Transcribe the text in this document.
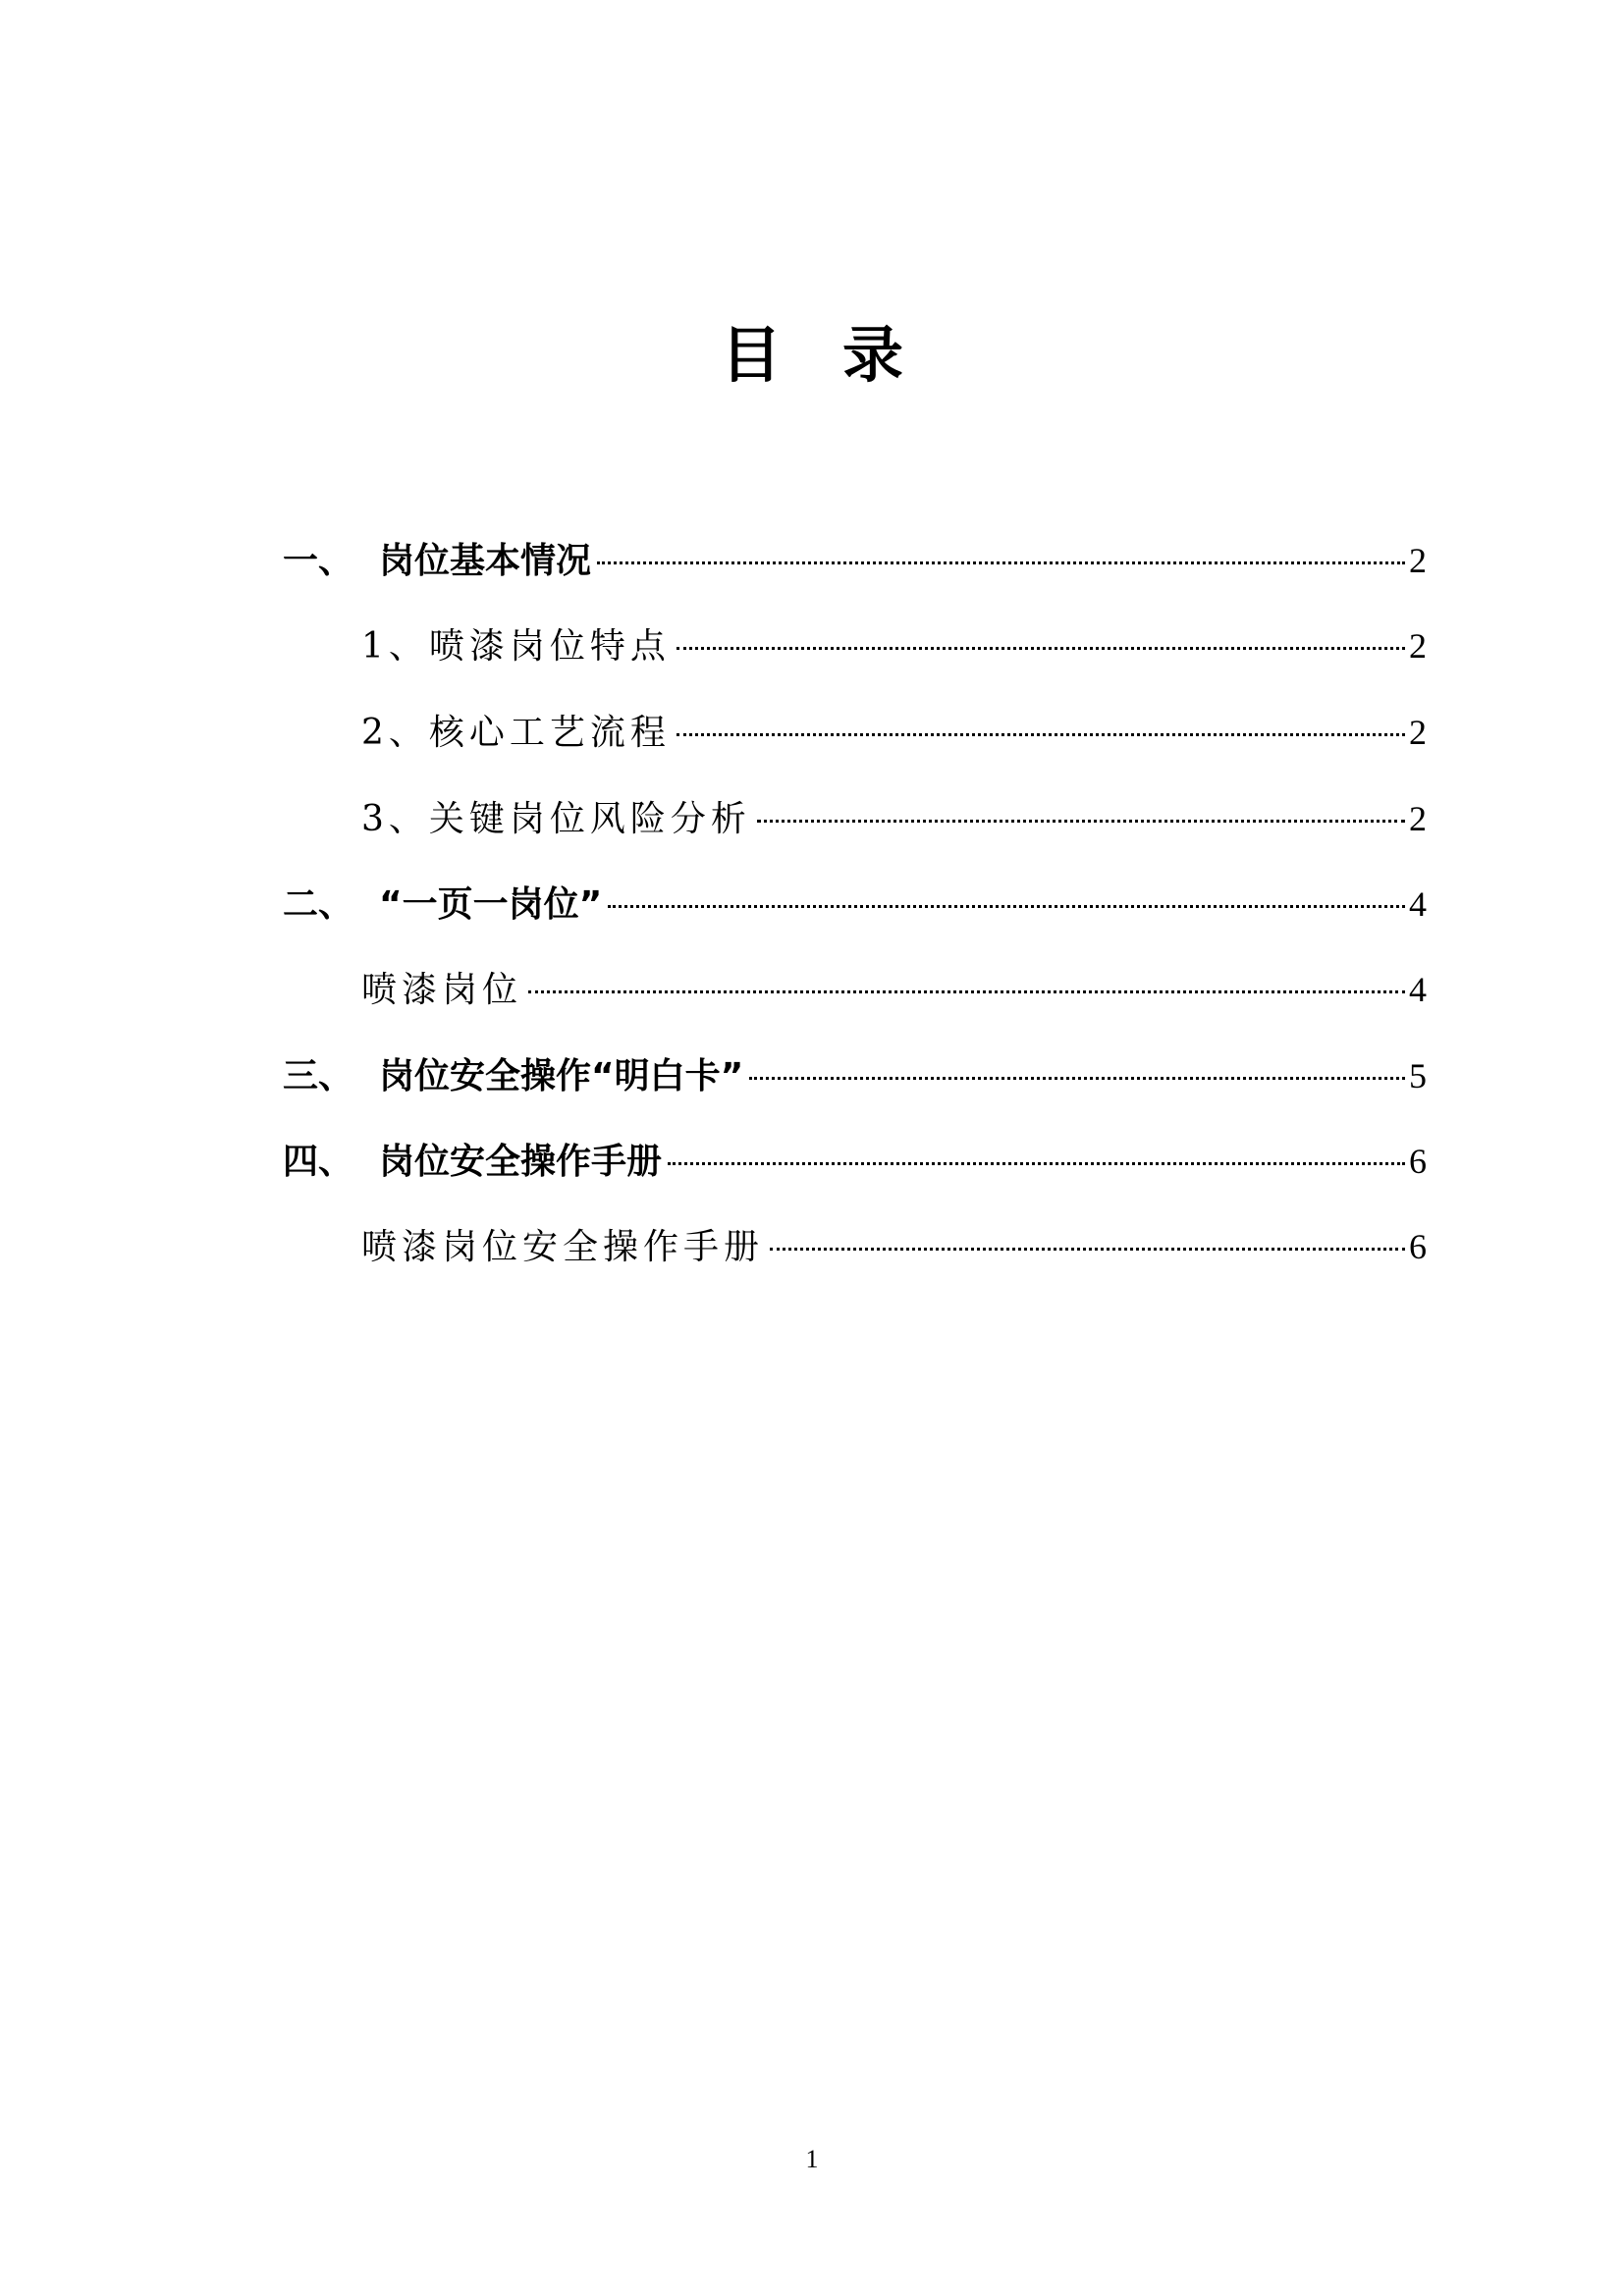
目 录
一、 岗位基本情况	2
1、喷漆岗位特点	2
2、核心工艺流程	2
3、关键岗位风险分析	2
二、 “一页一岗位”	4
喷漆岗位	4
三、 岗位安全操作“明白卡”	5
四、 岗位安全操作手册	6
喷漆岗位安全操作手册	6
1
